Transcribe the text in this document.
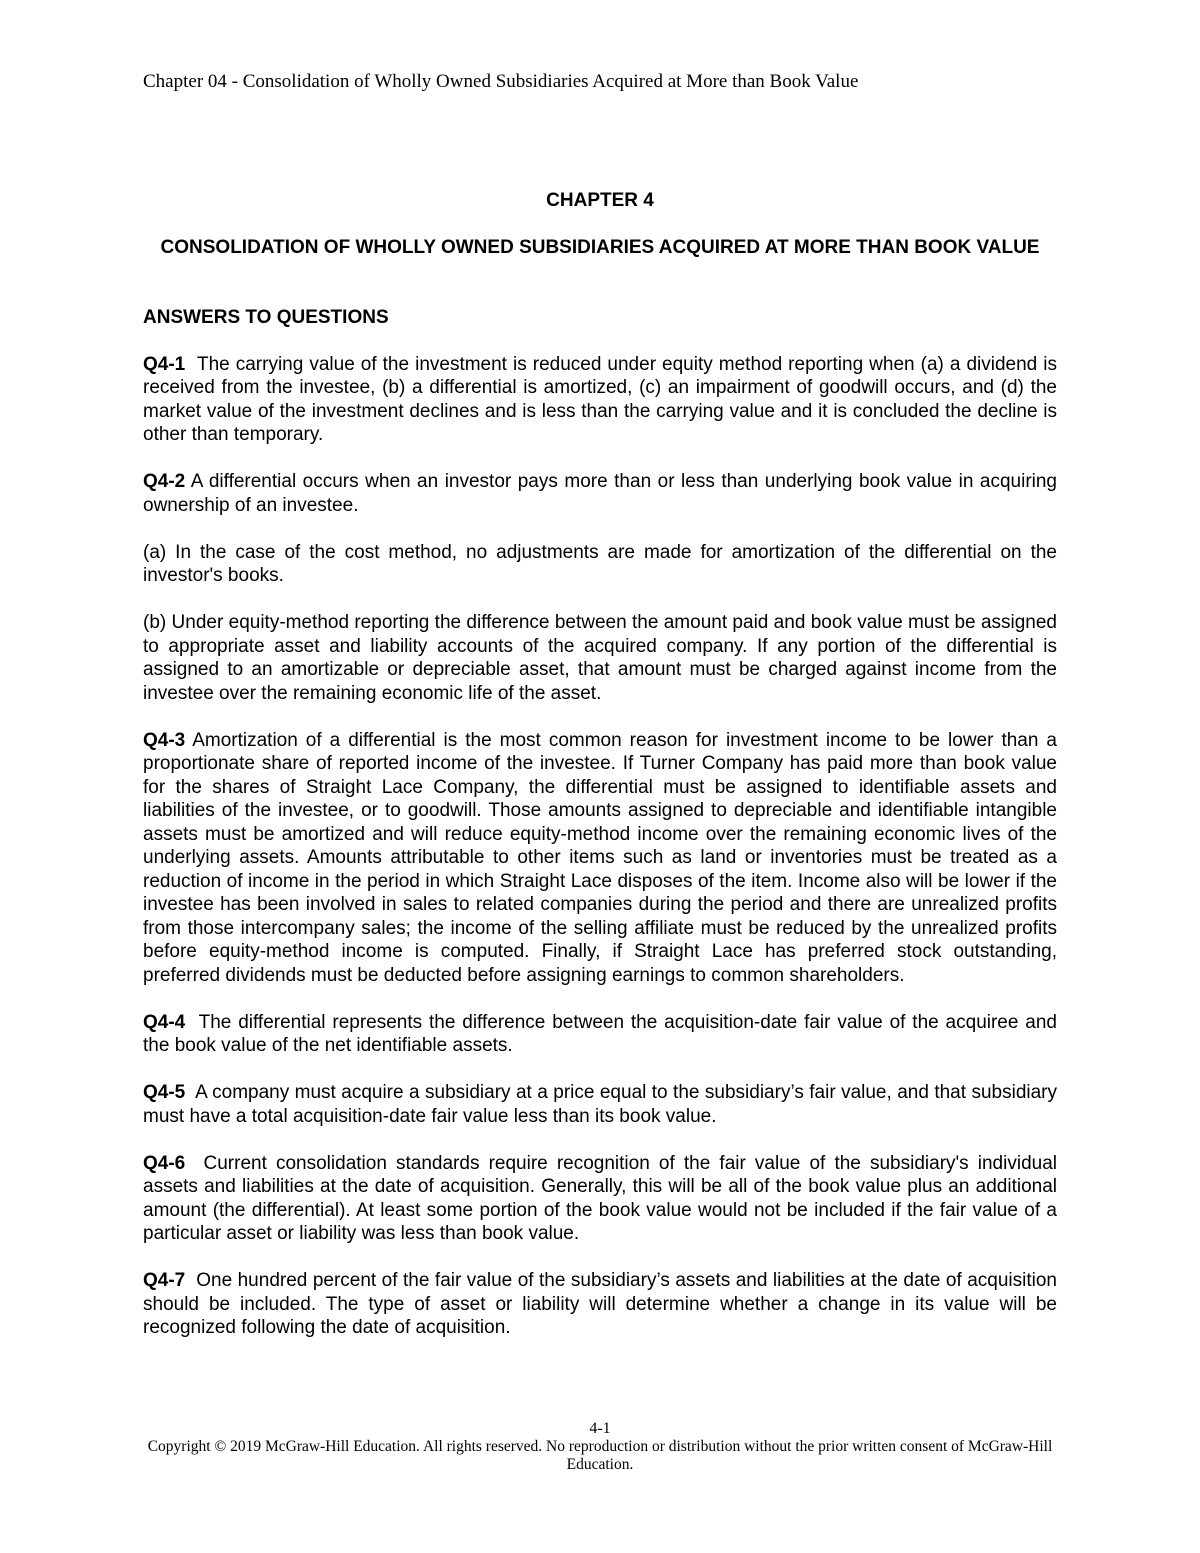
Chapter 04 - Consolidation of Wholly Owned Subsidiaries Acquired at More than Book Value
CHAPTER 4
CONSOLIDATION OF WHOLLY OWNED SUBSIDIARIES ACQUIRED AT MORE THAN BOOK VALUE
ANSWERS TO QUESTIONS

Q4-1 The carrying value of the investment is reduced under equity method reporting when (a) a dividend is received from the investee, (b) a differential is amortized, (c) an impairment of goodwill occurs, and (d) the market value of the investment declines and is less than the carrying value and it is concluded the decline is other than temporary.

Q4-2 A differential occurs when an investor pays more than or less than underlying book value in acquiring ownership of an investee.

(a) In the case of the cost method, no adjustments are made for amortization of the differential on the investor's books.

(b) Under equity-method reporting the difference between the amount paid and book value must be assigned to appropriate asset and liability accounts of the acquired company. If any portion of the differential is assigned to an amortizable or depreciable asset, that amount must be charged against income from the investee over the remaining economic life of the asset.

Q4-3 Amortization of a differential is the most common reason for investment income to be lower than a proportionate share of reported income of the investee. If Turner Company has paid more than book value for the shares of Straight Lace Company, the differential must be assigned to identifiable assets and liabilities of the investee, or to goodwill. Those amounts assigned to depreciable and identifiable intangible assets must be amortized and will reduce equity-method income over the remaining economic lives of the underlying assets. Amounts attributable to other items such as land or inventories must be treated as a reduction of income in the period in which Straight Lace disposes of the item. Income also will be lower if the investee has been involved in sales to related companies during the period and there are unrealized profits from those intercompany sales; the income of the selling affiliate must be reduced by the unrealized profits before equity-method income is computed. Finally, if Straight Lace has preferred stock outstanding, preferred dividends must be deducted before assigning earnings to common shareholders.

Q4-4 The differential represents the difference between the acquisition-date fair value of the acquiree and the book value of the net identifiable assets.

Q4-5 A company must acquire a subsidiary at a price equal to the subsidiary’s fair value, and that subsidiary must have a total acquisition-date fair value less than its book value.

Q4-6 Current consolidation standards require recognition of the fair value of the subsidiary's individual assets and liabilities at the date of acquisition. Generally, this will be all of the book value plus an additional amount (the differential). At least some portion of the book value would not be included if the fair value of a particular asset or liability was less than book value.

Q4-7 One hundred percent of the fair value of the subsidiary’s assets and liabilities at the date of acquisition should be included. The type of asset or liability will determine whether a change in its value will be recognized following the date of acquisition.

4-1
Copyright © 2019 McGraw-Hill Education. All rights reserved. No reproduction or distribution without the prior written consent of McGraw-Hill Education.
